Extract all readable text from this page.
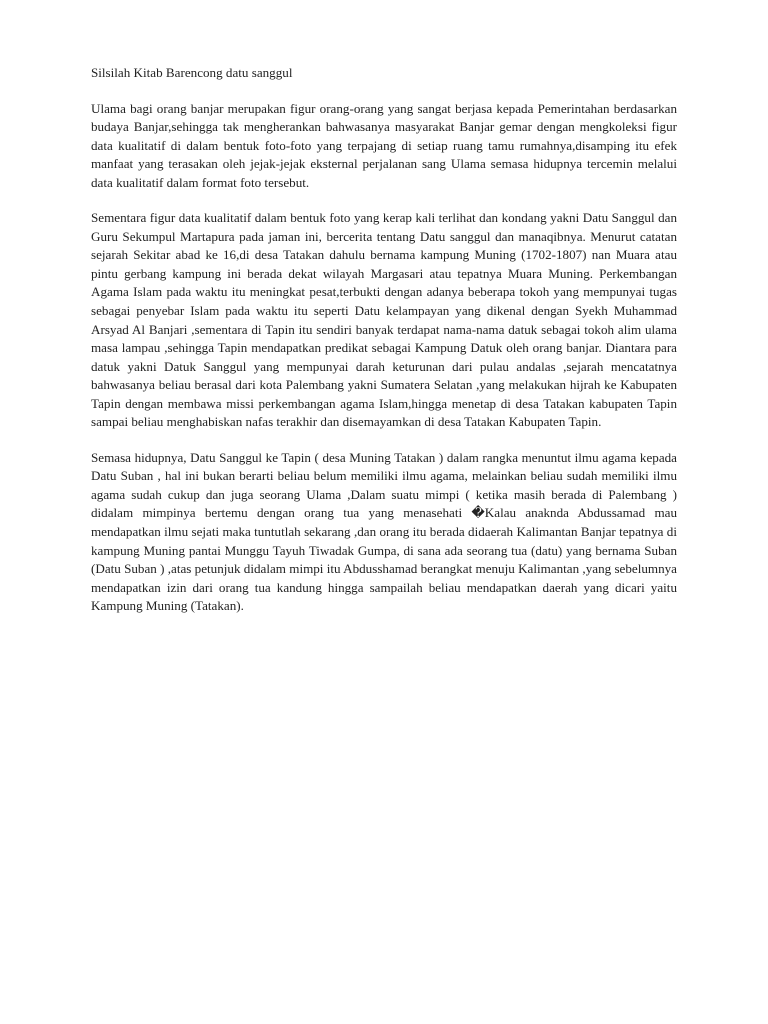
Silsilah Kitab Barencong datu sanggul

Ulama bagi orang banjar merupakan figur orang-orang yang sangat berjasa kepada Pemerintahan berdasarkan budaya Banjar,sehingga tak mengherankan bahwasanya masyarakat Banjar gemar dengan mengkoleksi figur data kualitatif di dalam bentuk foto-foto yang terpajang di setiap ruang tamu rumahnya,disamping itu efek manfaat yang terasakan oleh jejak-jejak eksternal perjalanan sang Ulama semasa hidupnya tercemin melalui data kualitatif dalam format foto tersebut.

Sementara figur data kualitatif dalam bentuk foto yang kerap kali terlihat dan kondang yakni Datu Sanggul dan Guru Sekumpul Martapura pada jaman ini, bercerita tentang Datu sanggul dan manaqibnya. Menurut catatan sejarah Sekitar abad ke 16,di desa Tatakan dahulu bernama kampung Muning (1702-1807) nan Muara atau pintu gerbang kampung ini berada dekat wilayah Margasari atau tepatnya Muara Muning. Perkembangan Agama Islam pada waktu itu meningkat pesat,terbukti dengan adanya beberapa tokoh yang mempunyai tugas sebagai penyebar Islam pada waktu itu seperti Datu kelampayan yang dikenal dengan Syekh Muhammad Arsyad Al Banjari ,sementara di Tapin itu sendiri banyak terdapat nama-nama datuk sebagai tokoh alim ulama masa lampau ,sehingga Tapin mendapatkan predikat sebagai Kampung Datuk oleh orang banjar. Diantara para datuk yakni Datuk Sanggul yang mempunyai darah keturunan dari pulau andalas ,sejarah mencatatnya bahwasanya beliau berasal dari kota Palembang yakni Sumatera Selatan ,yang melakukan hijrah ke Kabupaten Tapin dengan membawa missi perkembangan agama Islam,hingga menetap di desa Tatakan kabupaten Tapin sampai beliau menghabiskan nafas terakhir dan disemayamkan di desa Tatakan Kabupaten Tapin.

Semasa hidupnya, Datu Sanggul ke Tapin ( desa Muning Tatakan ) dalam rangka menuntut ilmu agama kepada Datu Suban , hal ini bukan berarti beliau belum memiliki ilmu agama, melainkan beliau sudah memiliki ilmu agama sudah cukup dan juga seorang Ulama ,Dalam suatu mimpi ( ketika masih berada di Palembang ) didalam mimpinya bertemu dengan orang tua yang menasehati �Kalau anaknda Abdussamad mau mendapatkan ilmu sejati maka tuntutlah sekarang ,dan orang itu berada didaerah Kalimantan Banjar tepatnya di kampung Muning pantai Munggu Tayuh Tiwadak Gumpa, di sana ada seorang tua (datu) yang bernama Suban (Datu Suban ) ,atas petunjuk didalam mimpi itu Abdusshamad berangkat menuju Kalimantan ,yang sebelumnya mendapatkan izin dari orang tua kandung hingga sampailah beliau mendapatkan daerah yang dicari yaitu Kampung Muning (Tatakan).
